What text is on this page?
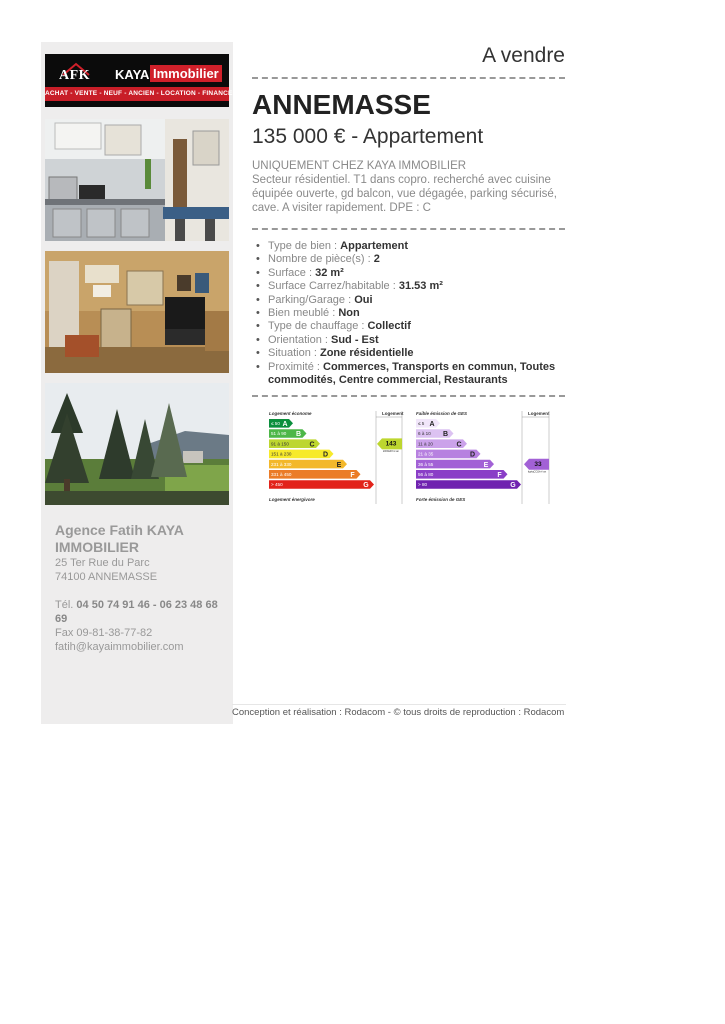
AFK KAYA Immobilier
ACHAT - VENTE - NEUF - ANCIEN - LOCATION - FINANCEMENT
Agence Fatih KAYA IMMOBILIER
25 Ter Rue du Parc
74100 ANNEMASSE
Tél. 04 50 74 91 46 - 06 23 48 68 69
Fax 09-81-38-77-82
fatih@kayaimmobilier.com
A vendre
ANNEMASSE
135 000 € - Appartement
UNIQUEMENT CHEZ KAYA IMMOBILIER
Secteur résidentiel. T1 dans copro. recherché avec cuisine équipée ouverte, gd balcon, vue dégagée, parking sécurisé, cave. A visiter rapidement. DPE : C
• Type de bien : Appartement
• Nombre de pièce(s) : 2
• Surface : 32 m²
• Surface Carrez/habitable : 31.53 m²
• Parking/Garage : Oui
• Bien meublé : Non
• Type de chauffage : Collectif
• Orientation : Sud - Est
• Situation : Zone résidentielle
• Proximité : Commerces, Transports en commun, Toutes commodités, Centre commercial, Restaurants
Logement économe	Logement
≤ 50 A
51 à 90 B
91 à 150	C
151 à 230	D
231 à 330	E
331 à 450	F
> 450	G
143
kWhEP/m².an
Logement énergivore
Faible émission de GES	Logement
≤ 5 A
6 à 10 B
11 à 20	C
21 à 35	D
36 à 55	E
56 à 80	F
> 80	G
33
kgéqCO2/m².an
Forte émission de GES
Conception et réalisation : Rodacom - © tous droits de reproduction : Rodacom
